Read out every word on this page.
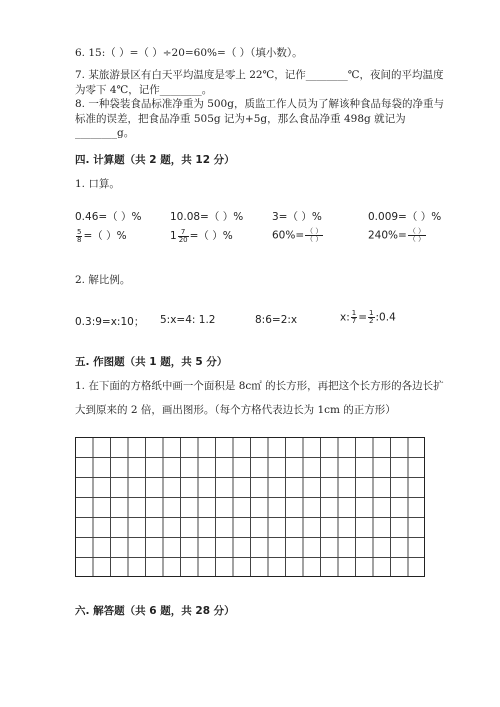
6. 15:（ ）=（ ）÷20=60%=（ ）（填小数）。
7. 某旅游景区有白天平均温度是零上 22℃，记作________℃，夜间的平均温度
为零下 4℃，记作________。
8. 一种袋装食品标准净重为 500g，质监工作人员为了解该种食品每袋的净重与
标准的误差，把食品净重 505g 记为+5g，那么食品净重 498g 就记为
________g。
四. 计算题（共 2 题，共 12 分）
1. 口算。
0.46=（ ）%	10.08=（ ）%	3=（ ）%	0.009=（ ）%
$\frac{5}{8}$ =（ ）%	$1 \frac{7}{20}$ =（ ）%	$60\%= \frac{( )}{( )}$	$240\%= \frac{( )}{( )}$
2. 解比例。
0.3:9=x:10； 5:x=4: 1.2	8:6=2:x	x: $\frac{1}{7} = \frac{1}{2}$ :0.4
五. 作图题（共 1 题，共 5 分）
1. 在下面的方格纸中画一个面积是 8c㎡ 的长方形，再把这个长方形的各边长扩
大到原来的 2 倍，画出图形。（每个方格代表边长为 1cm 的正方形）
六. 解答题（共 6 题，共 28 分）
